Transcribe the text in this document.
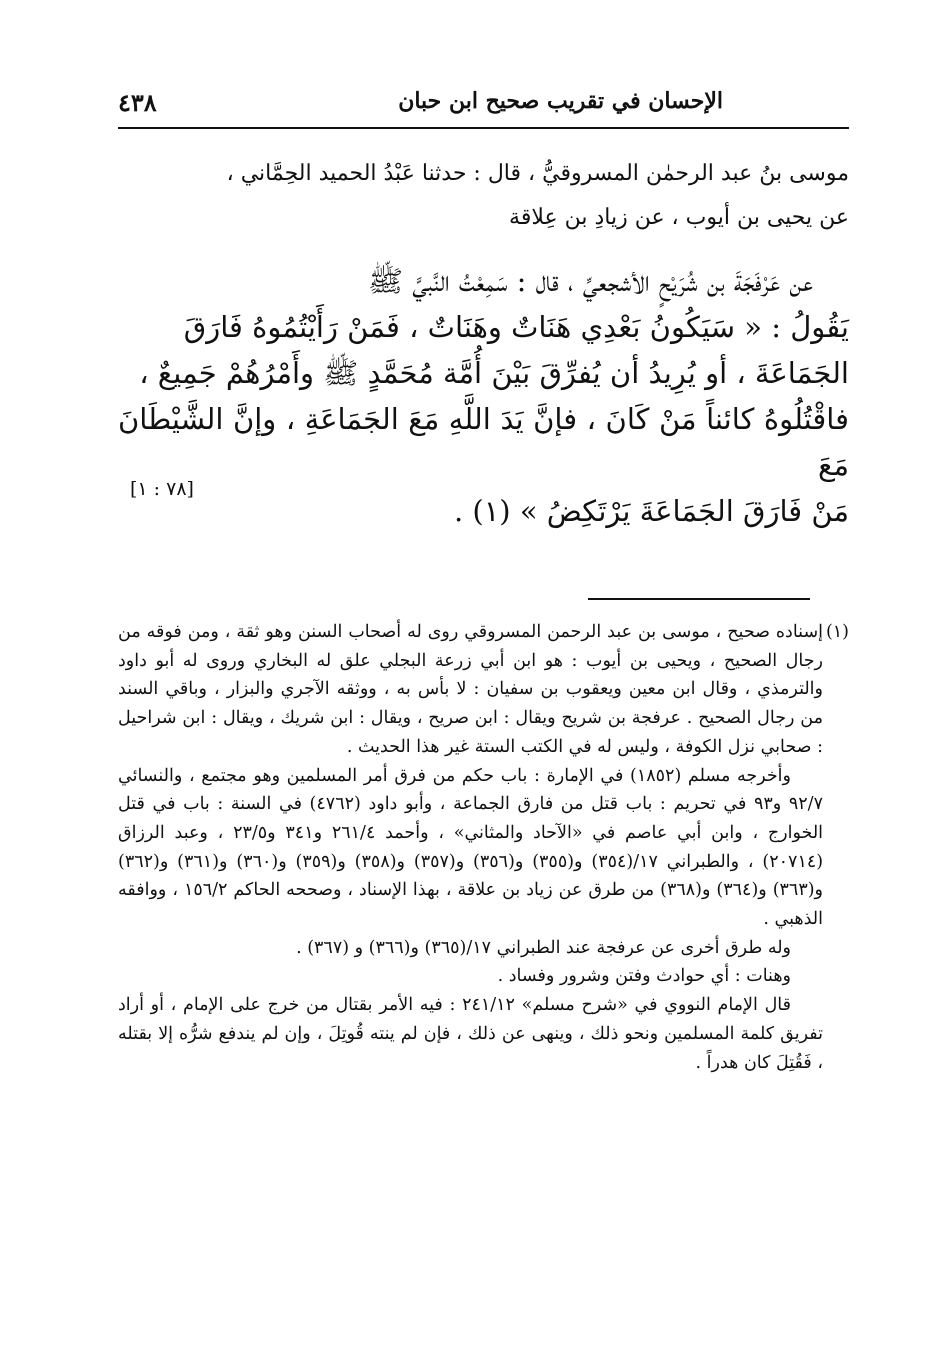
الإحسان في تقريب صحيح ابن حبان
٤٣٨

موسى بنُ عبد الرحمٰن المسروقيُّ ، قال : حدثنا عَبْدُ الحميد الحِمَّاني ،

عن يحيى بن أيوب ، عن زيادِ بن عِلاقة

عن عَرْفَجَةَ بن شُرَيْحٍ الأشجعيِّ ، قال : سَمِعْتُ النَّبيَّ ﷺ

يَقُولُ : « سَيَكُونُ بَعْدِي هَنَاتٌ وهَنَاتٌ ، فَمَنْ رَأَيْتُمُوهُ فَارَقَ

الجَمَاعَةَ ، أو يُرِيدُ أن يُفرِّقَ بَيْنَ أُمَّة مُحَمَّدٍ ﷺ وأَمْرُهُمْ جَمِيعٌ ،

فاقْتُلُوهُ كائناً مَنْ كَانَ ، فإنَّ يَدَ اللَّهِ مَعَ الجَمَاعَةِ ، وإنَّ الشَّيْطَانَ مَعَ

مَنْ فَارَقَ الجَمَاعَةَ يَرْتَكِضُ » (١) .

[٧٨ : ١]

(١)
إسناده صحيح ، موسى بن عبد الرحمن المسروقي روى له أصحاب السنن وهو ثقة ، ومن فوقه من رجال الصحيح ، ويحيى بن أيوب : هو ابن أبي زرعة البجلي علق له البخاري وروى له أبو داود والترمذي ، وقال ابن معين ويعقوب بن سفيان : لا بأس به ، ووثقه الآجري والبزار ، وباقي السند من رجال الصحيح . عرفجة بن شريح ويقال : ابن صريح ، ويقال : ابن شريك ، ويقال : ابن شراحيل : صحابي نزل الكوفة ، وليس له في الكتب الستة غير هذا الحديث .

وأخرجه مسلم (١٨٥٢) في الإمارة : باب حكم من فرق أمر المسلمين وهو مجتمع ، والنسائي ٩٢/٧ و٩٣ في تحريم : باب قتل من فارق الجماعة ، وأبو داود (٤٧٦٢) في السنة : باب في قتل الخوارج ، وابن أبي عاصم في «الآحاد والمثاني» ، وأحمد ٢٦١/٤ و٣٤١ و٢٣/٥ ، وعبد الرزاق (٢٠٧١٤) ، والطبراني ١٧/(٣٥٤) و(٣٥٥) و(٣٥٦) و(٣٥٧) و(٣٥٨) و(٣٥٩) و(٣٦٠) و(٣٦١) و(٣٦٢) و(٣٦٣) و(٣٦٤) و(٣٦٨) من طرق عن زياد بن علاقة ، بهذا الإسناد ، وصححه الحاكم ١٥٦/٢ ، ووافقه الذهبي .

وله طرق أخرى عن عرفجة عند الطبراني ١٧/(٣٦٥) و(٣٦٦) و (٣٦٧) .

وهنات : أي حوادث وفتن وشرور وفساد .

قال الإمام النووي في «شرح مسلم» ٢٤١/١٢ : فيه الأمر بقتال من خرج على الإمام ، أو أراد تفريق كلمة المسلمين ونحو ذلك ، وينهى عن ذلك ، فإن لم ينته قُوتِلَ ، وإن لم يندفع شرُّه إلا بقتله ، فَقُتِلَ كان هدراً .
